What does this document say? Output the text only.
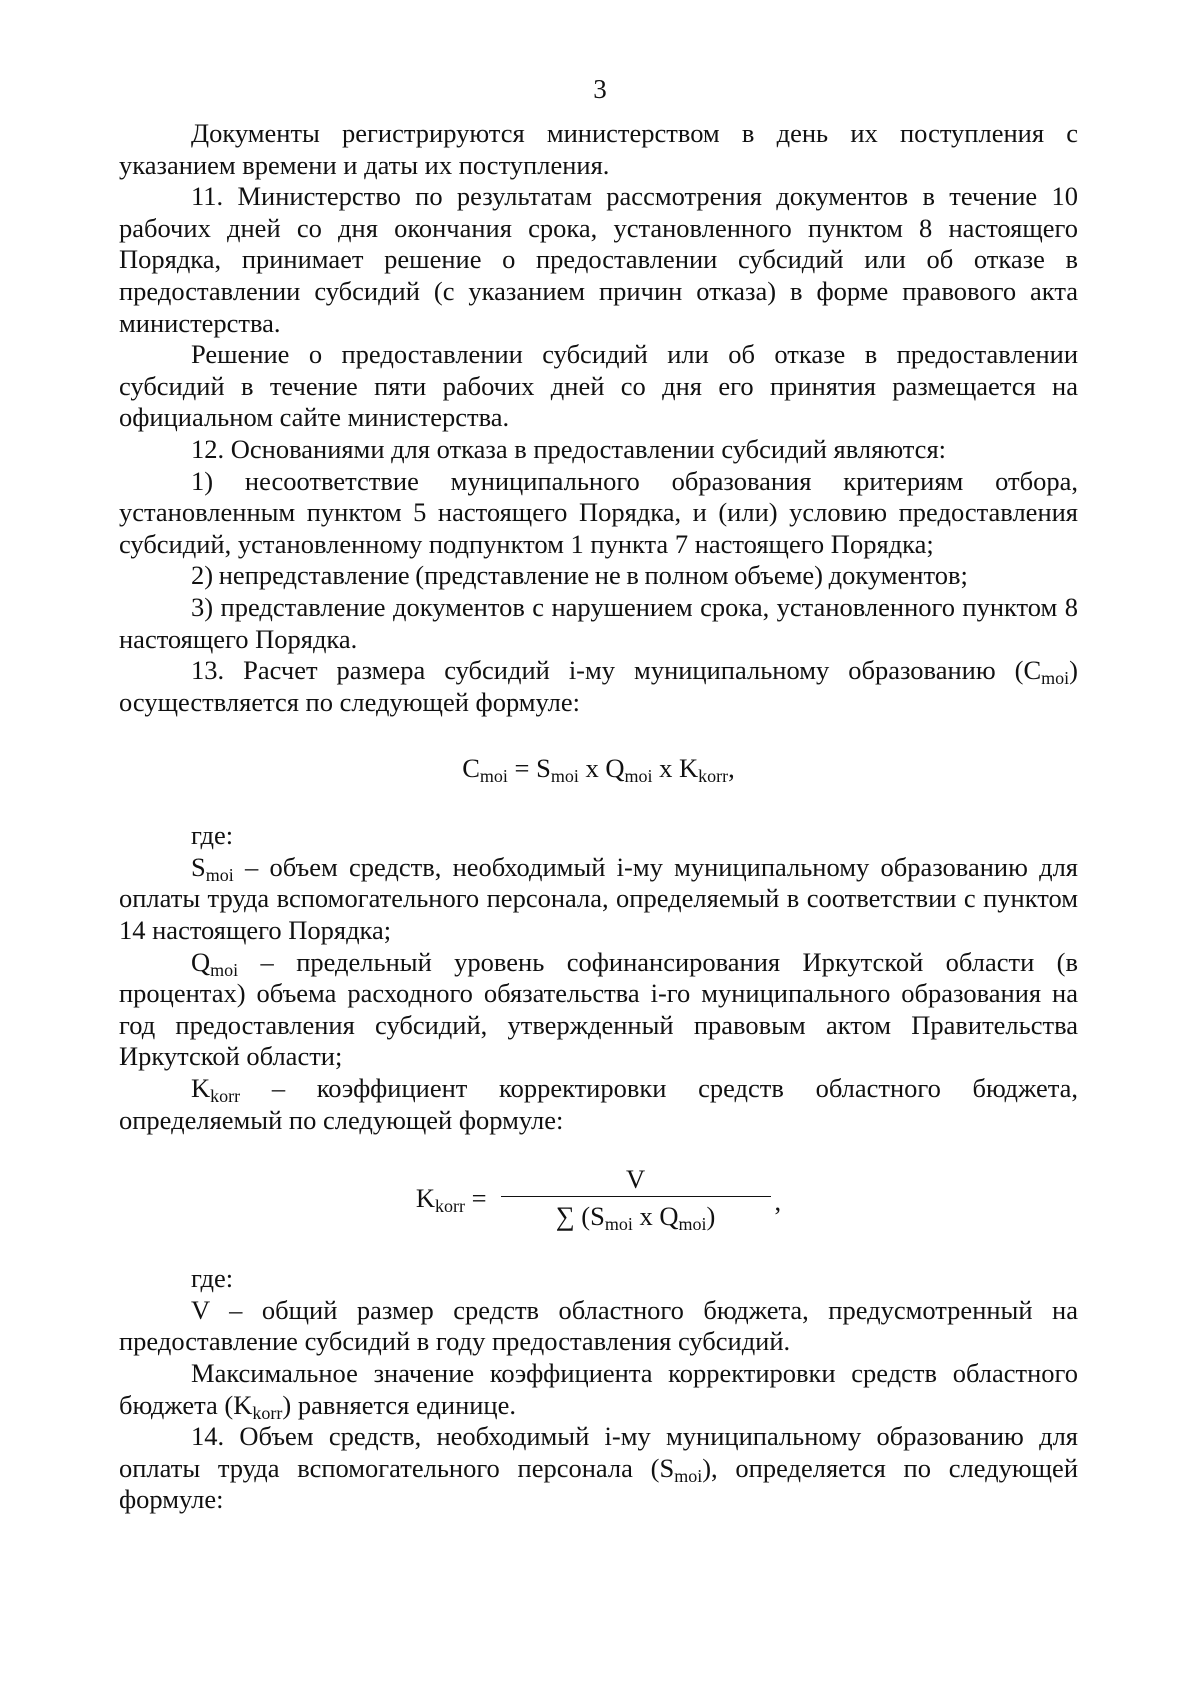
3

Документы регистрируются министерством в день их поступления с указанием времени и даты их поступления.

11. Министерство по результатам рассмотрения документов в течение 10 рабочих дней со дня окончания срока, установленного пунктом 8 настоящего Порядка, принимает решение о предоставлении субсидий или об отказе в предоставлении субсидий (с указанием причин отказа) в форме правового акта министерства.

Решение о предоставлении субсидий или об отказе в предоставлении субсидий в течение пяти рабочих дней со дня его принятия размещается на официальном сайте министерства.

12. Основаниями для отказа в предоставлении субсидий являются:

1) несоответствие муниципального образования критериям отбора, установленным пунктом 5 настоящего Порядка, и (или) условию предоставления субсидий, установленному подпунктом 1 пункта 7 настоящего Порядка;

2) непредставление (представление не в полном объеме) документов;

3) представление документов с нарушением срока, установленного пунктом 8 настоящего Порядка.

13. Расчет размера субсидий i-му муниципальному образованию $(C_{moi})$ осуществляется по следующей формуле:

$C_{moi} = S_{moi}$ x $Q_{moi}$ x $K_{korr}$,

где:

$S_{moi}$ – объем средств, необходимый i-му муниципальному образованию для оплаты труда вспомогательного персонала, определяемый в соответствии с пунктом 14 настоящего Порядка;

$Q_{moi}$ – предельный уровень софинансирования Иркутской области (в процентах) объема расходного обязательства i-го муниципального образования на год предоставления субсидий, утвержденный правовым актом Правительства Иркутской области;

$K_{korr}$ – коэффициент корректировки средств областного бюджета, определяемый по следующей формуле:

$K_{korr} = \frac{V}{\sum (S_{moi} x Q_{moi})}$ ,

где:

V – общий размер средств областного бюджета, предусмотренный на предоставление субсидий в году предоставления субсидий.

Максимальное значение коэффициента корректировки средств областного бюджета $(K_{korr})$ равняется единице.

14. Объем средств, необходимый i-му муниципальному образованию для оплаты труда вспомогательного персонала $(S_{moi})$, определяется по следующей формуле:
